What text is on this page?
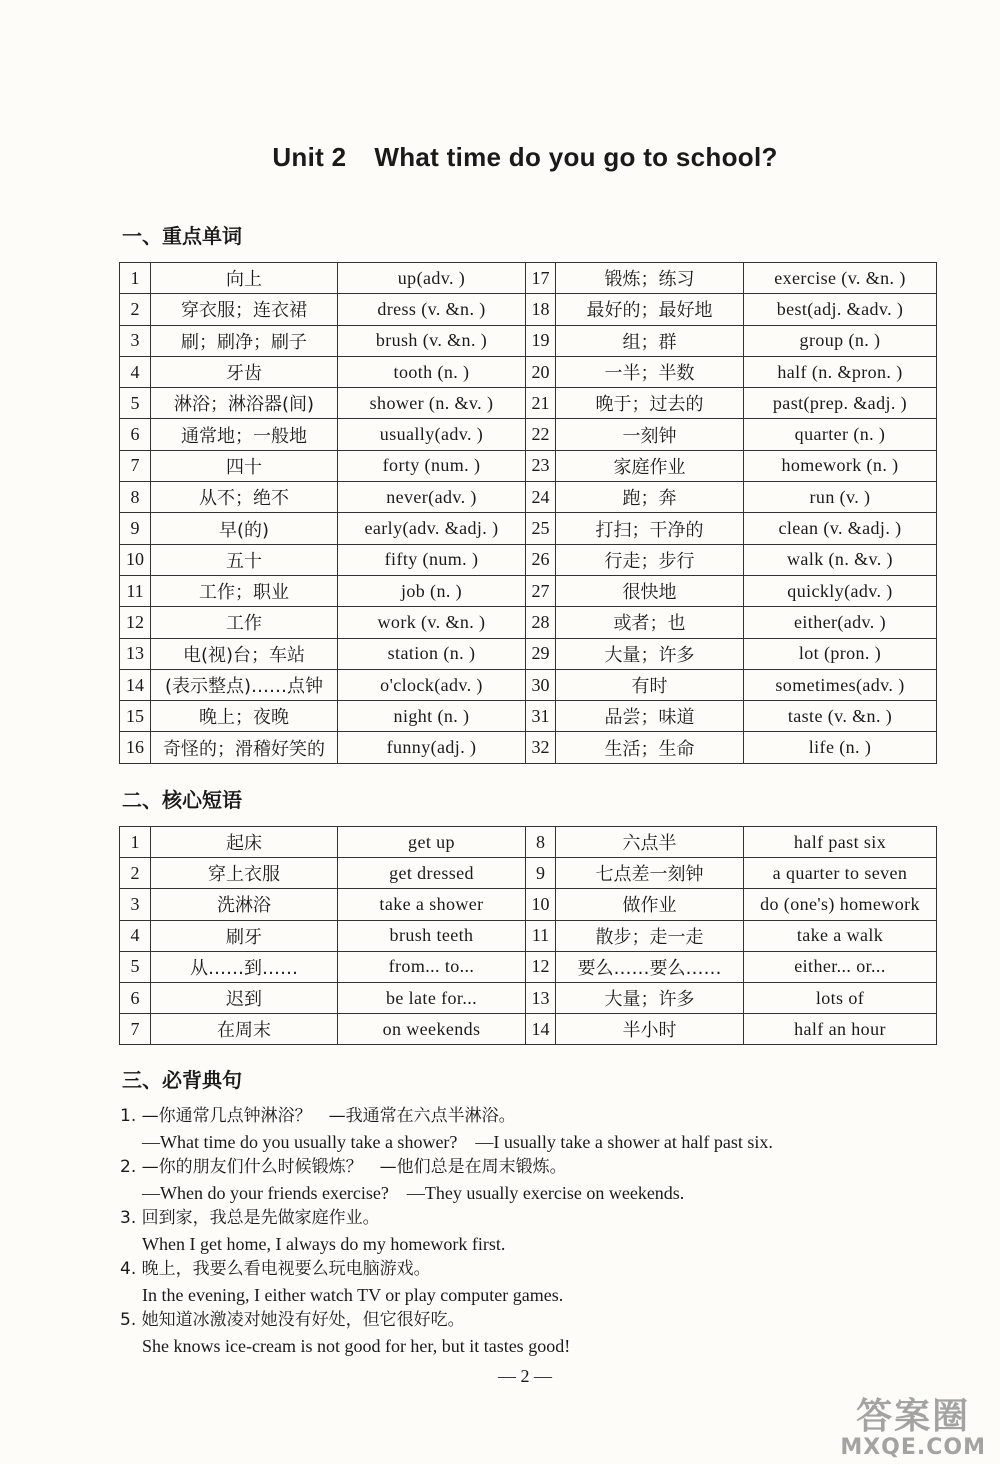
Unit 2 What time do you go to school?
一、重点单词
1	向上	up(adv. )	17	锻炼；练习	exercise (v. &n. )
2	穿衣服；连衣裙	dress (v. &n. )	18	最好的；最好地	best(adj. &adv. )
3	刷；刷净；刷子	brush (v. &n. )	19	组；群	group (n. )
4	牙齿	tooth (n. )	20	一半；半数	half (n. &pron. )
5	淋浴；淋浴器(间)	shower (n. &v. )	21	晚于；过去的	past(prep. &adj. )
6	通常地；一般地	usually(adv. )	22	一刻钟	quarter (n. )
7	四十	forty (num. )	23	家庭作业	homework (n. )
8	从不；绝不	never(adv. )	24	跑；奔	run (v. )
9	早(的)	early(adv. &adj. )	25	打扫；干净的	clean (v. &adj. )
10	五十	fifty (num. )	26	行走；步行	walk (n. &v. )
11	工作；职业	job (n. )	27	很快地	quickly(adv. )
12	工作	work (v. &n. )	28	或者；也	either(adv. )
13	电(视)台；车站	station (n. )	29	大量；许多	lot (pron. )
14	(表示整点)……点钟	o'clock(adv. )	30	有时	sometimes(adv. )
15	晚上；夜晚	night (n. )	31	品尝；味道	taste (v. &n. )
16	奇怪的；滑稽好笑的	funny(adj. )	32	生活；生命	life (n. )
二、核心短语
1	起床	get up	8	六点半	half past six
2	穿上衣服	get dressed	9	七点差一刻钟	a quarter to seven
3	洗淋浴	take a shower	10	做作业	do (one's) homework
4	刷牙	brush teeth	11	散步；走一走	take a walk
5	从……到……	from... to...	12	要么……要么……	either... or...
6	迟到	be late for...	13	大量；许多	lots of
7	在周末	on weekends	14	半小时	half an hour
三、必背典句
1. —你通常几点钟淋浴？　—我通常在六点半淋浴。
—What time do you usually take a shower?　—I usually take a shower at half past six.
2. —你的朋友们什么时候锻炼？　—他们总是在周末锻炼。
—When do your friends exercise?　—They usually exercise on weekends.
3. 回到家，我总是先做家庭作业。
When I get home, I always do my homework first.
4. 晚上，我要么看电视要么玩电脑游戏。
In the evening, I either watch TV or play computer games.
5. 她知道冰激凌对她没有好处，但它很好吃。
She knows ice-cream is not good for her, but it tastes good!
— 2 —
答案圈
MXQE.COM
